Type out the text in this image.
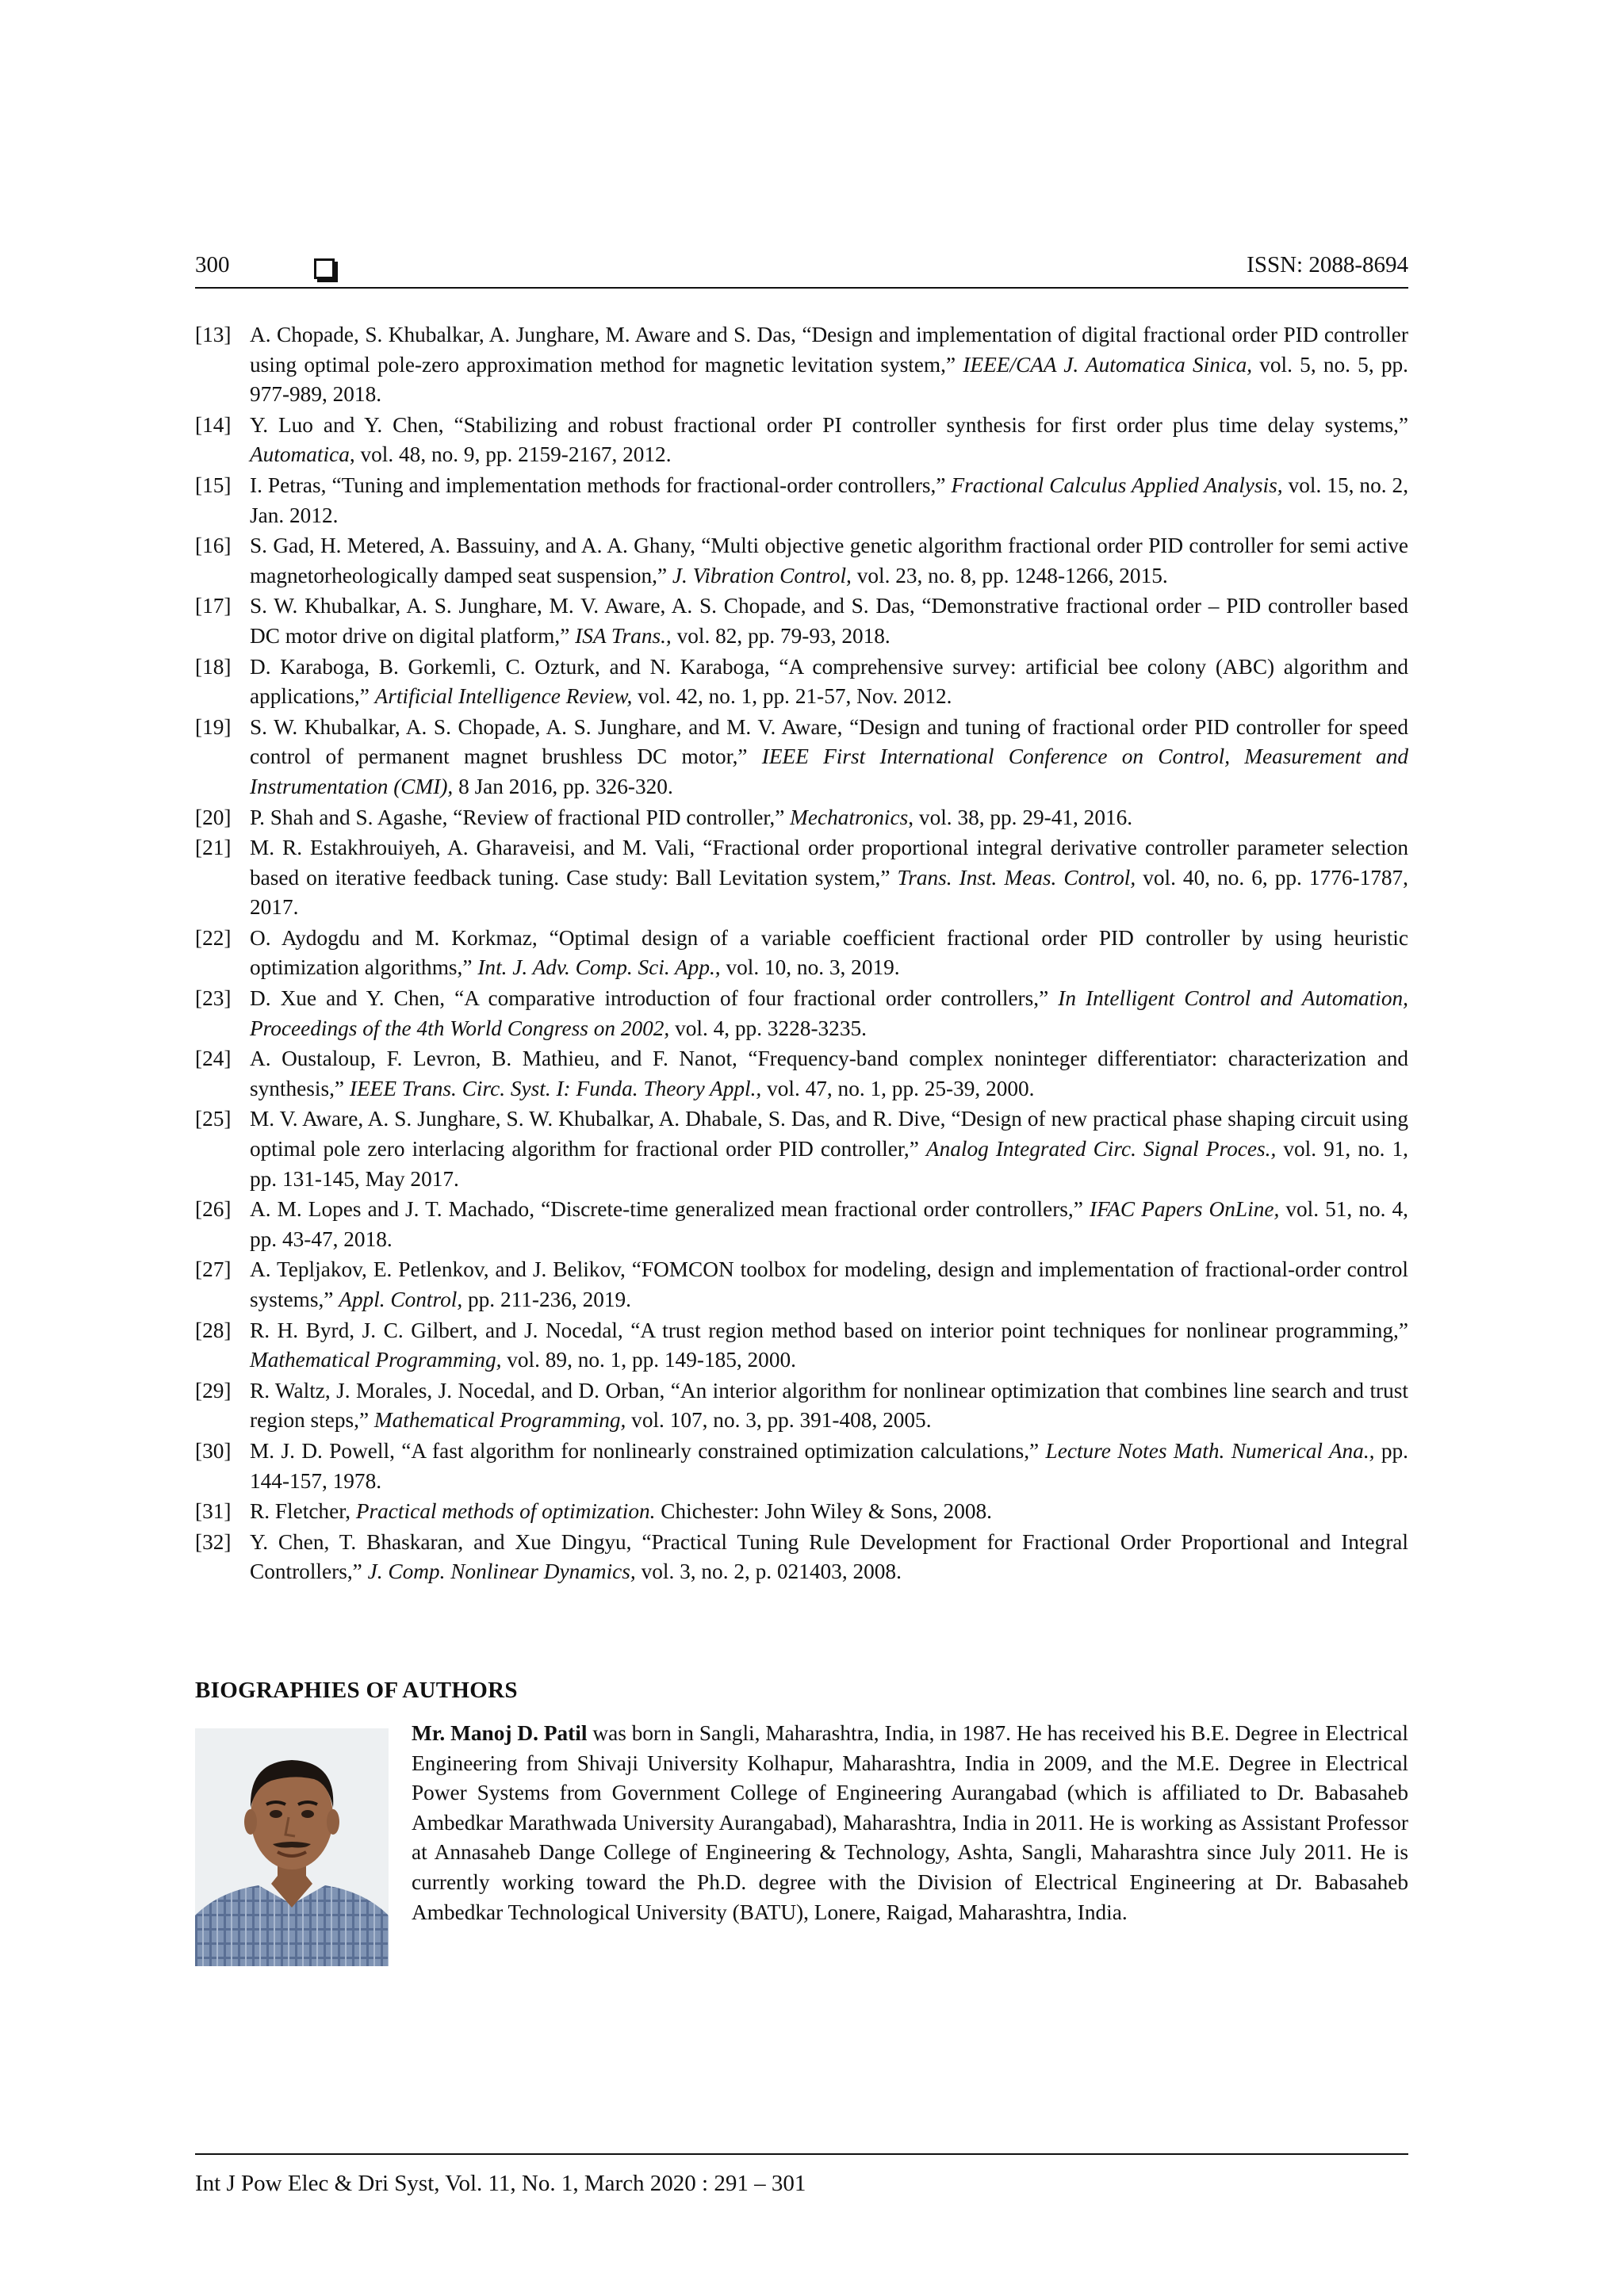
300	ISSN: 2088-8694
[13] A. Chopade, S. Khubalkar, A. Junghare, M. Aware and S. Das, “Design and implementation of digital fractional order PID controller using optimal pole-zero approximation method for magnetic levitation system,” IEEE/CAA J. Automatica Sinica, vol. 5, no. 5, pp. 977-989, 2018.
[14] Y. Luo and Y. Chen, “Stabilizing and robust fractional order PI controller synthesis for first order plus time delay systems,” Automatica, vol. 48, no. 9, pp. 2159-2167, 2012.
[15] I. Petras, “Tuning and implementation methods for fractional-order controllers,” Fractional Calculus Applied Analysis, vol. 15, no. 2, Jan. 2012.
[16] S. Gad, H. Metered, A. Bassuiny, and A. A. Ghany, “Multi objective genetic algorithm fractional order PID controller for semi active magnetorheologically damped seat suspension,” J. Vibration Control, vol. 23, no. 8, pp. 1248-1266, 2015.
[17] S. W. Khubalkar, A. S. Junghare, M. V. Aware, A. S. Chopade, and S. Das, “Demonstrative fractional order – PID controller based DC motor drive on digital platform,” ISA Trans., vol. 82, pp. 79-93, 2018.
[18] D. Karaboga, B. Gorkemli, C. Ozturk, and N. Karaboga, “A comprehensive survey: artificial bee colony (ABC) algorithm and applications,” Artificial Intelligence Review, vol. 42, no. 1, pp. 21-57, Nov. 2012.
[19] S. W. Khubalkar, A. S. Chopade, A. S. Junghare, and M. V. Aware, “Design and tuning of fractional order PID controller for speed control of permanent magnet brushless DC motor,” IEEE First International Conference on Control, Measurement and Instrumentation (CMI), 8 Jan 2016, pp. 326-320.
[20] P. Shah and S. Agashe, “Review of fractional PID controller,” Mechatronics, vol. 38, pp. 29-41, 2016.
[21] M. R. Estakhrouiyeh, A. Gharaveisi, and M. Vali, “Fractional order proportional integral derivative controller parameter selection based on iterative feedback tuning. Case study: Ball Levitation system,” Trans. Inst. Meas. Control, vol. 40, no. 6, pp. 1776-1787, 2017.
[22] O. Aydogdu and M. Korkmaz, “Optimal design of a variable coefficient fractional order PID controller by using heuristic optimization algorithms,” Int. J. Adv. Comp. Sci. App., vol. 10, no. 3, 2019.
[23] D. Xue and Y. Chen, “A comparative introduction of four fractional order controllers,” In Intelligent Control and Automation, Proceedings of the 4th World Congress on 2002, vol. 4, pp. 3228-3235.
[24] A. Oustaloup, F. Levron, B. Mathieu, and F. Nanot, “Frequency-band complex noninteger differentiator: characterization and synthesis,” IEEE Trans. Circ. Syst. I: Funda. Theory Appl., vol. 47, no. 1, pp. 25-39, 2000.
[25] M. V. Aware, A. S. Junghare, S. W. Khubalkar, A. Dhabale, S. Das, and R. Dive, “Design of new practical phase shaping circuit using optimal pole zero interlacing algorithm for fractional order PID controller,” Analog Integrated Circ. Signal Proces., vol. 91, no. 1, pp. 131-145, May 2017.
[26] A. M. Lopes and J. T. Machado, “Discrete-time generalized mean fractional order controllers,” IFAC Papers OnLine, vol. 51, no. 4, pp. 43-47, 2018.
[27] A. Tepljakov, E. Petlenkov, and J. Belikov, “FOMCON toolbox for modeling, design and implementation of fractional-order control systems,” Appl. Control, pp. 211-236, 2019.
[28] R. H. Byrd, J. C. Gilbert, and J. Nocedal, “A trust region method based on interior point techniques for nonlinear programming,” Mathematical Programming, vol. 89, no. 1, pp. 149-185, 2000.
[29] R. Waltz, J. Morales, J. Nocedal, and D. Orban, “An interior algorithm for nonlinear optimization that combines line search and trust region steps,” Mathematical Programming, vol. 107, no. 3, pp. 391-408, 2005.
[30] M. J. D. Powell, “A fast algorithm for nonlinearly constrained optimization calculations,” Lecture Notes Math. Numerical Ana., pp. 144-157, 1978.
[31] R. Fletcher, Practical methods of optimization. Chichester: John Wiley & Sons, 2008.
[32] Y. Chen, T. Bhaskaran, and Xue Dingyu, “Practical Tuning Rule Development for Fractional Order Proportional and Integral Controllers,” J. Comp. Nonlinear Dynamics, vol. 3, no. 2, p. 021403, 2008.
BIOGRAPHIES OF AUTHORS
Mr. Manoj D. Patil was born in Sangli, Maharashtra, India, in 1987. He has received his B.E. Degree in Electrical Engineering from Shivaji University Kolhapur, Maharashtra, India in 2009, and the M.E. Degree in Electrical Power Systems from Government College of Engineering Aurangabad (which is affiliated to Dr. Babasaheb Ambedkar Marathwada University Aurangabad), Maharashtra, India in 2011. He is working as Assistant Professor at Annasaheb Dange College of Engineering & Technology, Ashta, Sangli, Maharashtra since July 2011. He is currently working toward the Ph.D. degree with the Division of Electrical Engineering at Dr. Babasaheb Ambedkar Technological University (BATU), Lonere, Raigad, Maharashtra, India.
Int J Pow Elec & Dri Syst, Vol. 11, No. 1, March 2020 : 291 – 301
